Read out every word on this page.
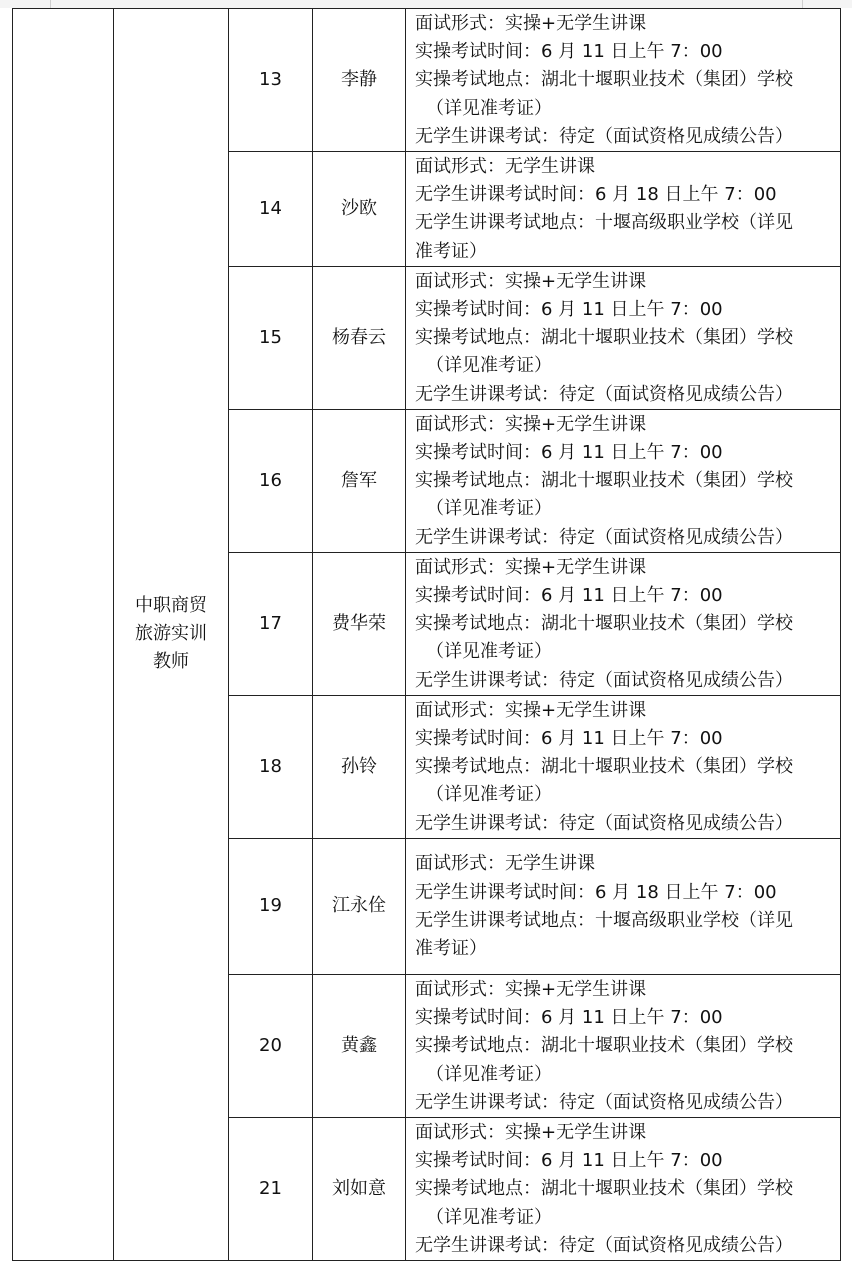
	中职商贸旅游实训教师	13	李静	面试形式：实操+无学生讲课
实操考试时间：6 月 11 日上午 7：00
实操考试地点：湖北十堰职业技术（集团）学校
（详见准考证）
无学生讲课考试：待定（面试资格见成绩公告）

		14	沙欧	面试形式：无学生讲课
无学生讲课考试时间：6 月 18 日上午 7：00
无学生讲课考试地点：十堰高级职业学校（详见
准考证）

		15	杨春云	面试形式：实操+无学生讲课
实操考试时间：6 月 11 日上午 7：00
实操考试地点：湖北十堰职业技术（集团）学校
（详见准考证）
无学生讲课考试：待定（面试资格见成绩公告）

		16	詹军	面试形式：实操+无学生讲课
实操考试时间：6 月 11 日上午 7：00
实操考试地点：湖北十堰职业技术（集团）学校
（详见准考证）
无学生讲课考试：待定（面试资格见成绩公告）

		17	费华荣	面试形式：实操+无学生讲课
实操考试时间：6 月 11 日上午 7：00
实操考试地点：湖北十堰职业技术（集团）学校
（详见准考证）
无学生讲课考试：待定（面试资格见成绩公告）

		18	孙铃	面试形式：实操+无学生讲课
实操考试时间：6 月 11 日上午 7：00
实操考试地点：湖北十堰职业技术（集团）学校
（详见准考证）
无学生讲课考试：待定（面试资格见成绩公告）

		19	江永佺	面试形式：无学生讲课
无学生讲课考试时间：6 月 18 日上午 7：00
无学生讲课考试地点：十堰高级职业学校（详见
准考证）

		20	黄鑫	面试形式：实操+无学生讲课
实操考试时间：6 月 11 日上午 7：00
实操考试地点：湖北十堰职业技术（集团）学校
（详见准考证）
无学生讲课考试：待定（面试资格见成绩公告）

		21	刘如意	面试形式：实操+无学生讲课
实操考试时间：6 月 11 日上午 7：00
实操考试地点：湖北十堰职业技术（集团）学校
（详见准考证）
无学生讲课考试：待定（面试资格见成绩公告）
